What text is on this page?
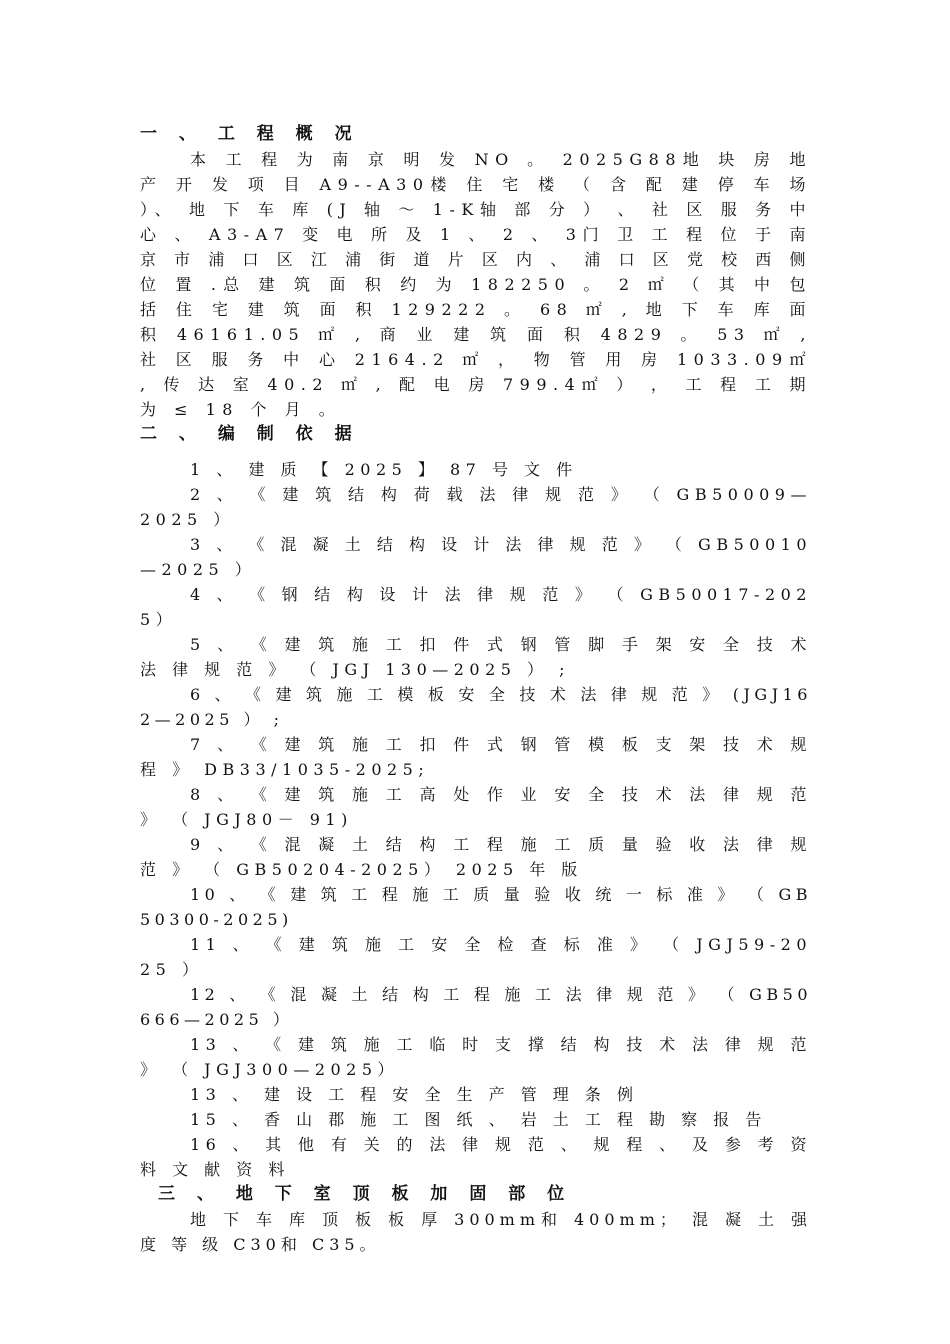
一 、 工 程 概 况

本 工 程 为 南 京 明 发 NO 。 2025G88地 块 房 地 产 开 发 项 目 A9--A30楼 住 宅 楼 （ 含 配 建 停 车 场 ）、 地 下 车 库 (J 轴 ～ 1-K轴 部 分 ） 、 社 区 服 务 中 心 、 A3-A7 变 电 所 及 1 、 2 、 3门 卫 工 程 位 于 南 京 市 浦 口 区 江 浦 街 道 片 区 内 、 浦 口 区 党 校 西 侧 位 置 .总 建 筑 面 积 约 为 182250 。 2 ㎡ （ 其 中 包 括 住 宅 建 筑 面 积 129222 。 68 ㎡ , 地 下 车 库 面 积 46161.05 ㎡ , 商 业 建 筑 面 积 4829 。 53 ㎡ , 社 区 服 务 中 心 2164.2 ㎡ ， 物 管 用 房 1033.09㎡ , 传 达 室 40.2 ㎡ , 配 电 房 799.4㎡ ） ， 工 程 工 期 为 ≤ 18 个 月 。

二 、 编 制 依 据
1 、 建 质 【 2025 】 87 号 文 件
2 、 《 建 筑 结 构 荷 载 法 律 规 范 》 （ GB50009—2025 ）
3 、 《 混 凝 土 结 构 设 计 法 律 规 范 》 （ GB50010—2025 ）
4 、 《 钢 结 构 设 计 法 律 规 范 》 （ GB50017-2025）
5 、 《 建 筑 施 工 扣 件 式 钢 管 脚 手 架 安 全 技 术 法 律 规 范 》 （ JGJ 130—2025 ） ;
6 、 《 建 筑 施 工 模 板 安 全 技 术 法 律 规 范 》 (JGJ162—2025 ） ;
7 、 《 建 筑 施 工 扣 件 式 钢 管 模 板 支 架 技 术 规 程 》 DB33/1035-2025;
8 、 《 建 筑 施 工 高 处 作 业 安 全 技 术 法 律 规 范 》 （ JGJ80－ 91)
9 、 《 混 凝 土 结 构 工 程 施 工 质 量 验 收 法 律 规 范 》 （ GB50204-2025） 2025 年 版
10 、 《 建 筑 工 程 施 工 质 量 验 收 统 一 标 准 》 （ GB50300-2025)
11 、 《 建 筑 施 工 安 全 检 查 标 准 》 （ JGJ59-2025 ）
12 、 《 混 凝 土 结 构 工 程 施 工 法 律 规 范 》 （ GB50666—2025 ）
13 、 《 建 筑 施 工 临 时 支 撑 结 构 技 术 法 律 规 范 》 （ JGJ300—2025）
13 、 建 设 工 程 安 全 生 产 管 理 条 例
15 、 香 山 郡 施 工 图 纸 、 岩 土 工 程 勘 察 报 告
16 、 其 他 有 关 的 法 律 规 范 、 规 程 、 及 参 考 资 料 文 献 资 料
三 、 地 下 室 顶 板 加 固 部 位

地 下 车 库 顶 板 板 厚 300mm和 400mm； 混 凝 土 强 度 等 级 C30和 C35。
